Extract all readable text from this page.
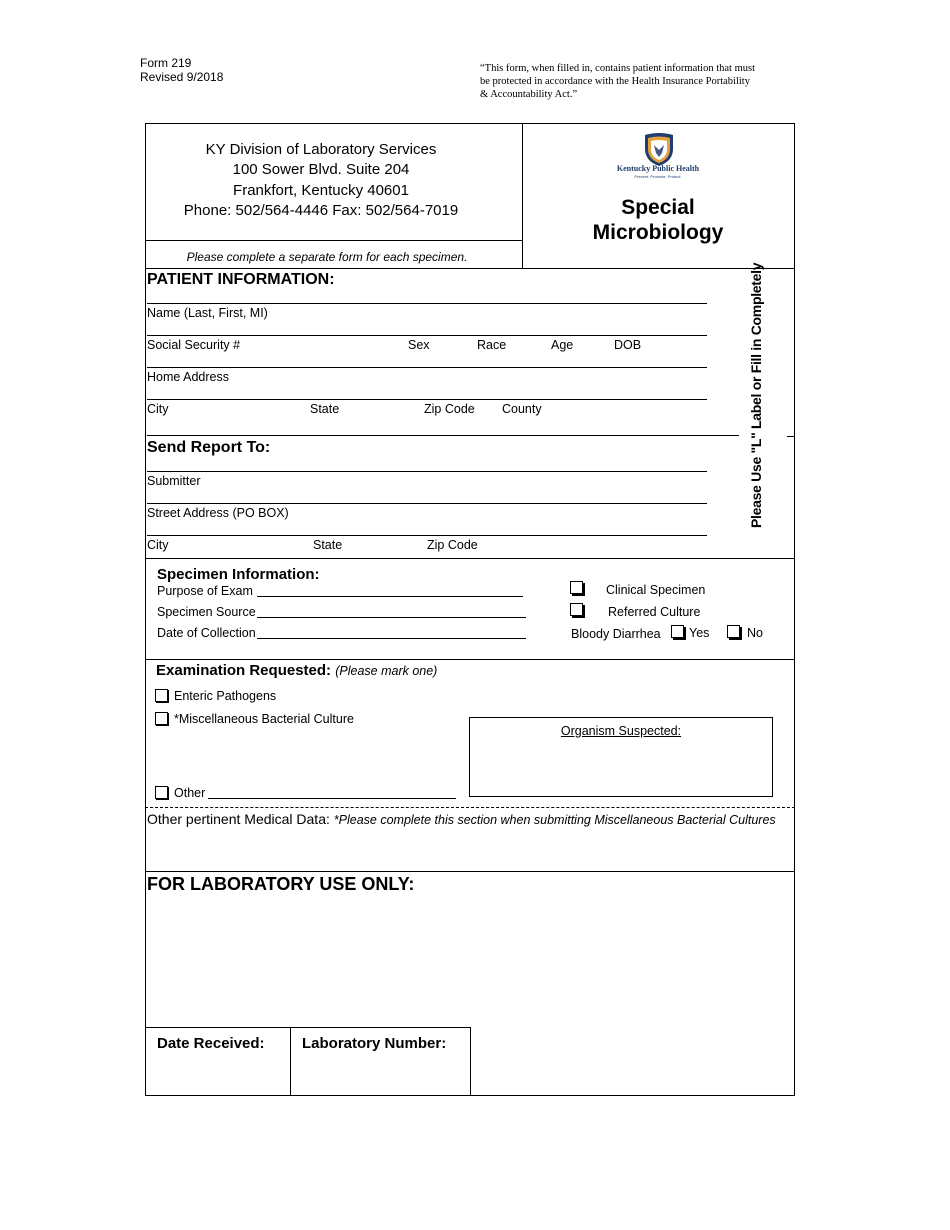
Form 219
Revised 9/2018
“This form, when filled in, contains patient information that must
be protected in accordance with the Health Insurance Portability
& Accountability Act.”
KY Division of Laboratory Services
100 Sower Blvd. Suite 204
Frankfort, Kentucky 40601
Phone: 502/564-4446 Fax: 502/564-7019
Please complete a separate form for each specimen.
Kentucky Public Health
Prevent. Promote. Protect.
Special
Microbiology
Please Use "L" Label or Fill in Completely
PATIENT INFORMATION:
Name (Last, First, MI)
Social Security #	Sex	Race	Age	DOB
Home Address
City	State	Zip Code County
Send Report To:
Submitter
Street Address (PO BOX)
City	State	Zip Code
Specimen Information:
Purpose of Exam
Specimen Source
Date of Collection
Clinical Specimen
Referred Culture
Bloody Diarrhea Yes	No
Examination Requested: (Please mark one)
Enteric Pathogens
*Miscellaneous Bacterial Culture
Other
Organism Suspected:
Other pertinent Medical Data: *Please complete this section when submitting Miscellaneous Bacterial Cultures
FOR LABORATORY USE ONLY:
Date Received: Laboratory Number:
